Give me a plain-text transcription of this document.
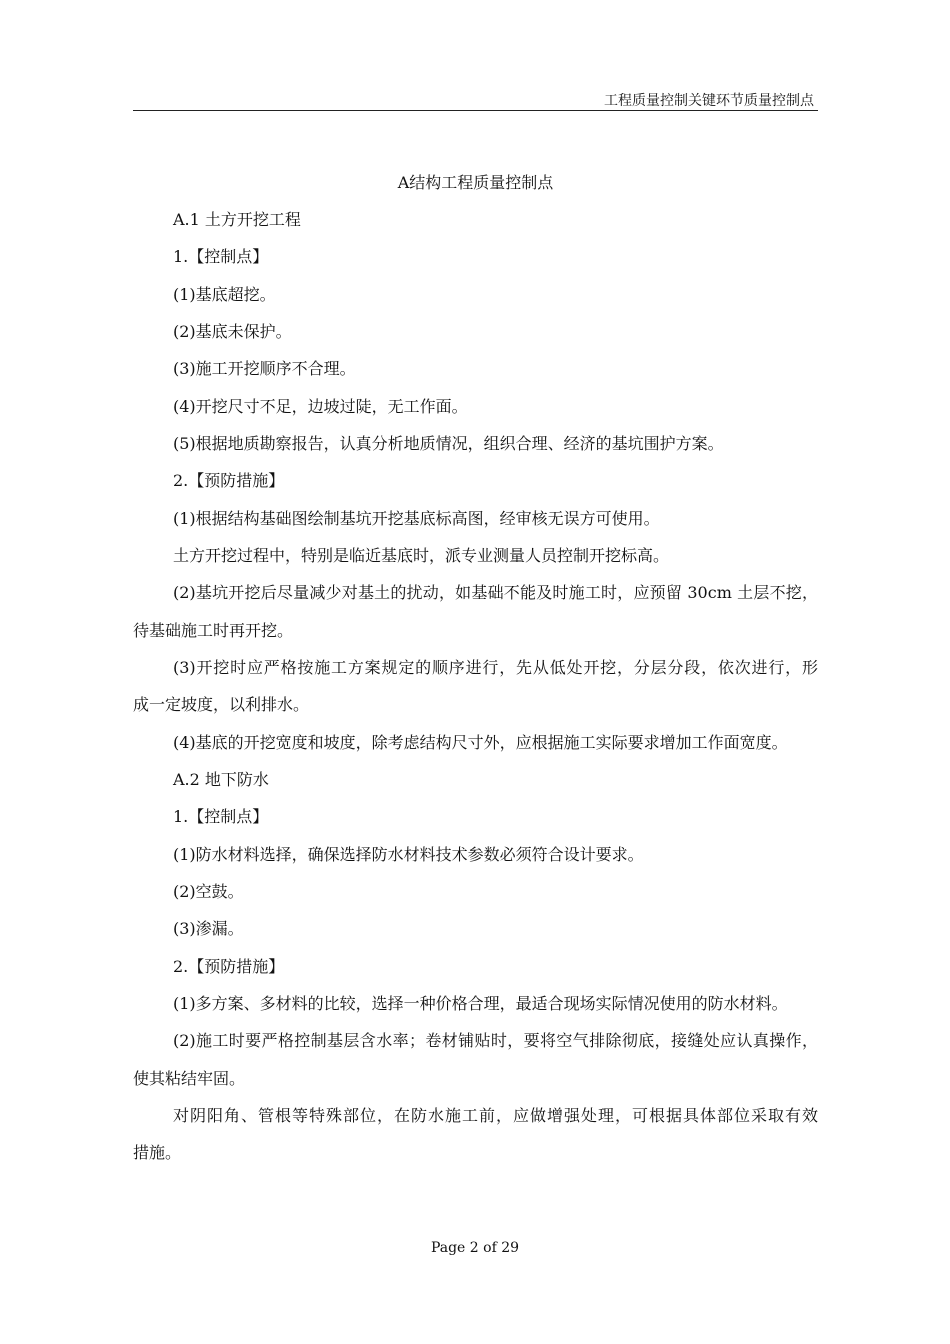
工程质量控制关键环节质量控制点
A结构工程质量控制点
A.1 土方开挖工程
1.【控制点】
(1)基底超挖。
(2)基底未保护。
(3)施工开挖顺序不合理。
(4)开挖尺寸不足，边坡过陡，无工作面。
(5)根据地质勘察报告，认真分析地质情况，组织合理、经济的基坑围护方案。
2.【预防措施】
(1)根据结构基础图绘制基坑开挖基底标高图，经审核无误方可使用。
土方开挖过程中，特别是临近基底时，派专业测量人员控制开挖标高。
(2)基坑开挖后尽量减少对基土的扰动，如基础不能及时施工时，应预留 30cm 土层不挖，
待基础施工时再开挖。
(3)开挖时应严格按施工方案规定的顺序进行，先从低处开挖，分层分段，依次进行，形
成一定坡度，以利排水。
(4)基底的开挖宽度和坡度，除考虑结构尺寸外，应根据施工实际要求增加工作面宽度。
A.2 地下防水
1.【控制点】
(1)防水材料选择，确保选择防水材料技术参数必须符合设计要求。
(2)空鼓。
(3)渗漏。
2.【预防措施】
(1)多方案、多材料的比较，选择一种价格合理，最适合现场实际情况使用的防水材料。
(2)施工时要严格控制基层含水率；卷材铺贴时，要将空气排除彻底，接缝处应认真操作，
使其粘结牢固。
对阴阳角、管根等特殊部位，在防水施工前，应做增强处理，可根据具体部位采取有效
措施。
Page 2 of 29
